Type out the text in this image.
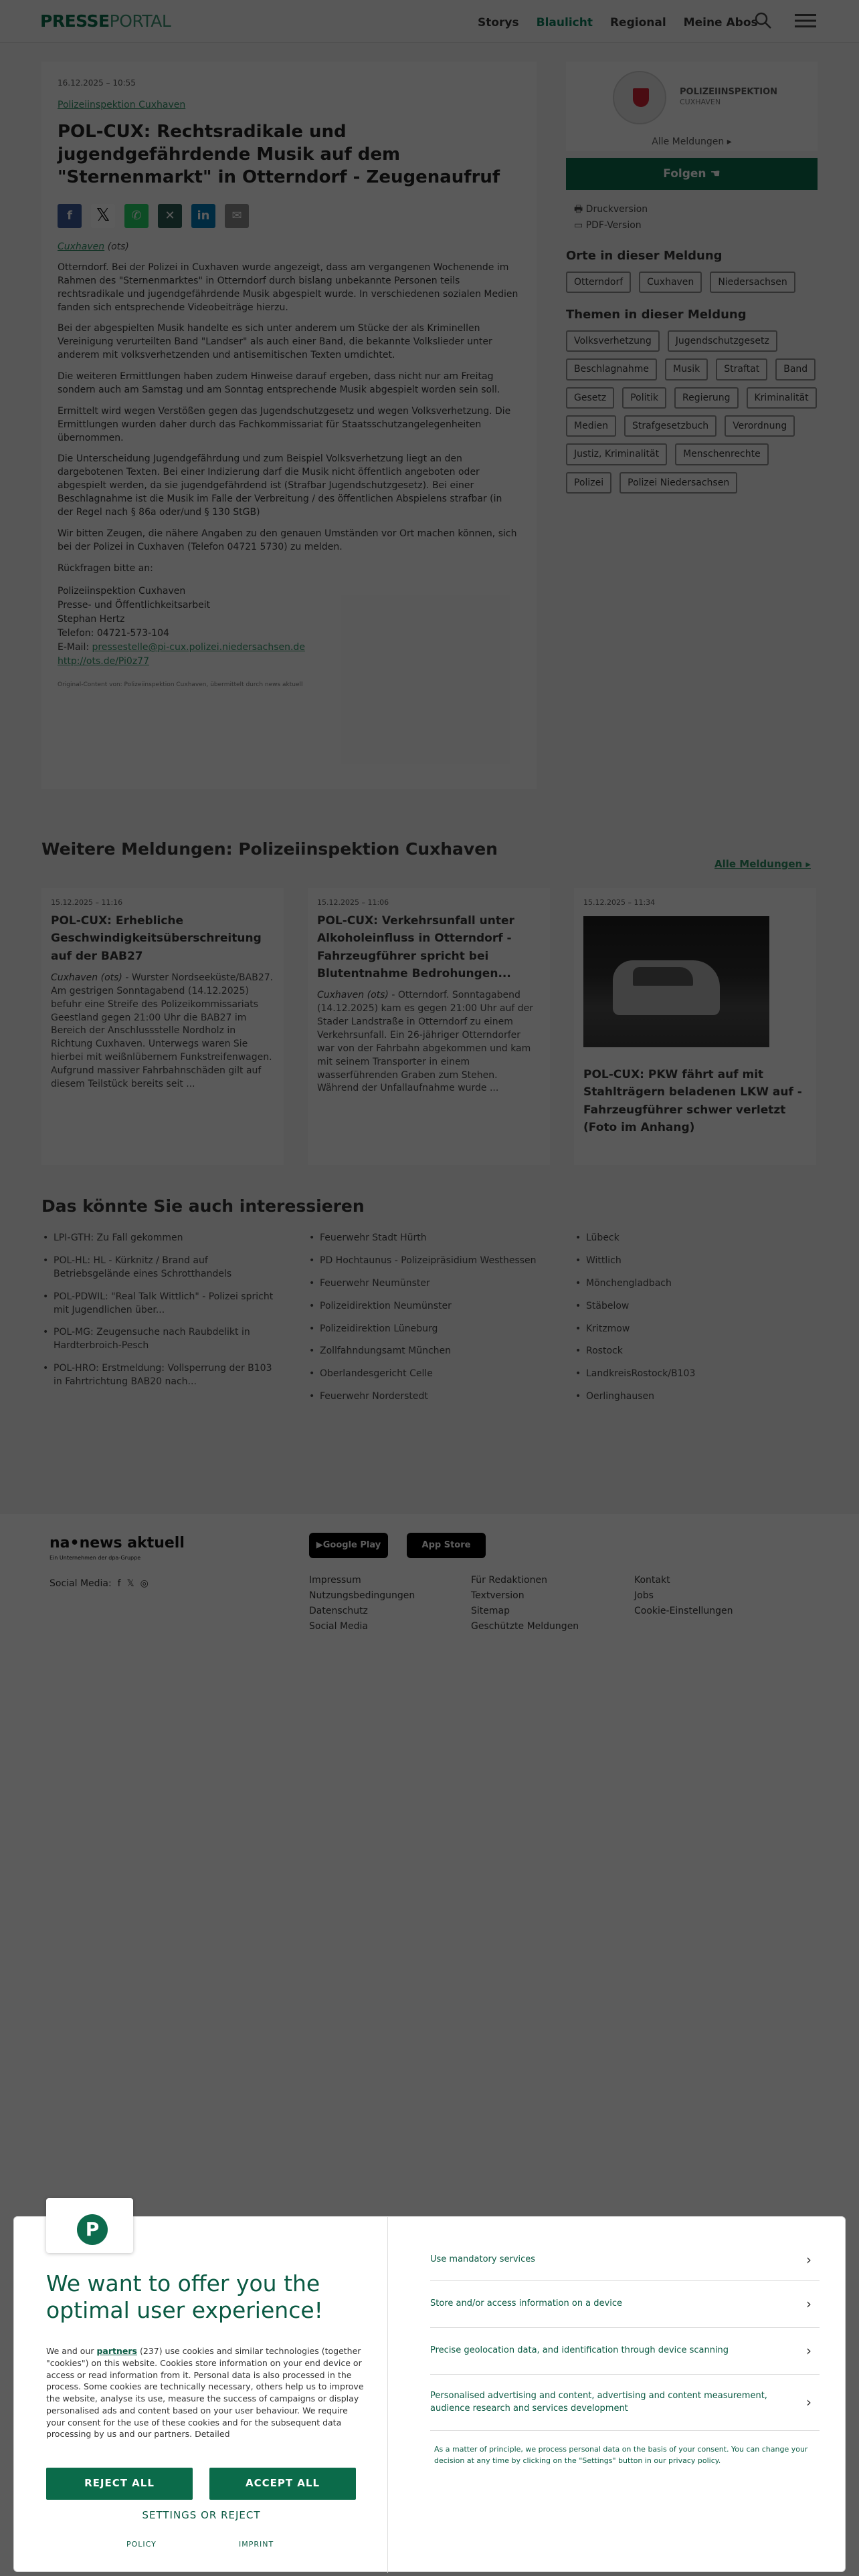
•
•
•
•
•
•
•
•
•
•
•
•
•
•
•
•
•
•
•
•
•
P
We want to offer you the optimal user experience!
We and our partners (237) use cookies and similar technologies (together "cookies") on this website. Cookies store information on your end device or access or read information from it. Personal data is also processed in the process. Some cookies are technically necessary, others help us to improve the website, analyse its use, measure the success of campaigns or display personalised ads and content based on your user behaviour. We require your consent for the use of these cookies and for the subsequent data processing by us and our partners. Detailed
REJECT ALL	ACCEPT ALL
SETTINGS OR REJECT
POLICY	IMPRINT
Use mandatory services	›
Store and/or access information on a device	›
Precise geolocation data, and identification through device scanning	›
Personalised advertising and content, advertising and content measurement, audience research and services development	›
As a matter of principle, we process personal data on the basis of your consent. You can change your decision at any time by clicking on the "Settings" button in our privacy policy.
